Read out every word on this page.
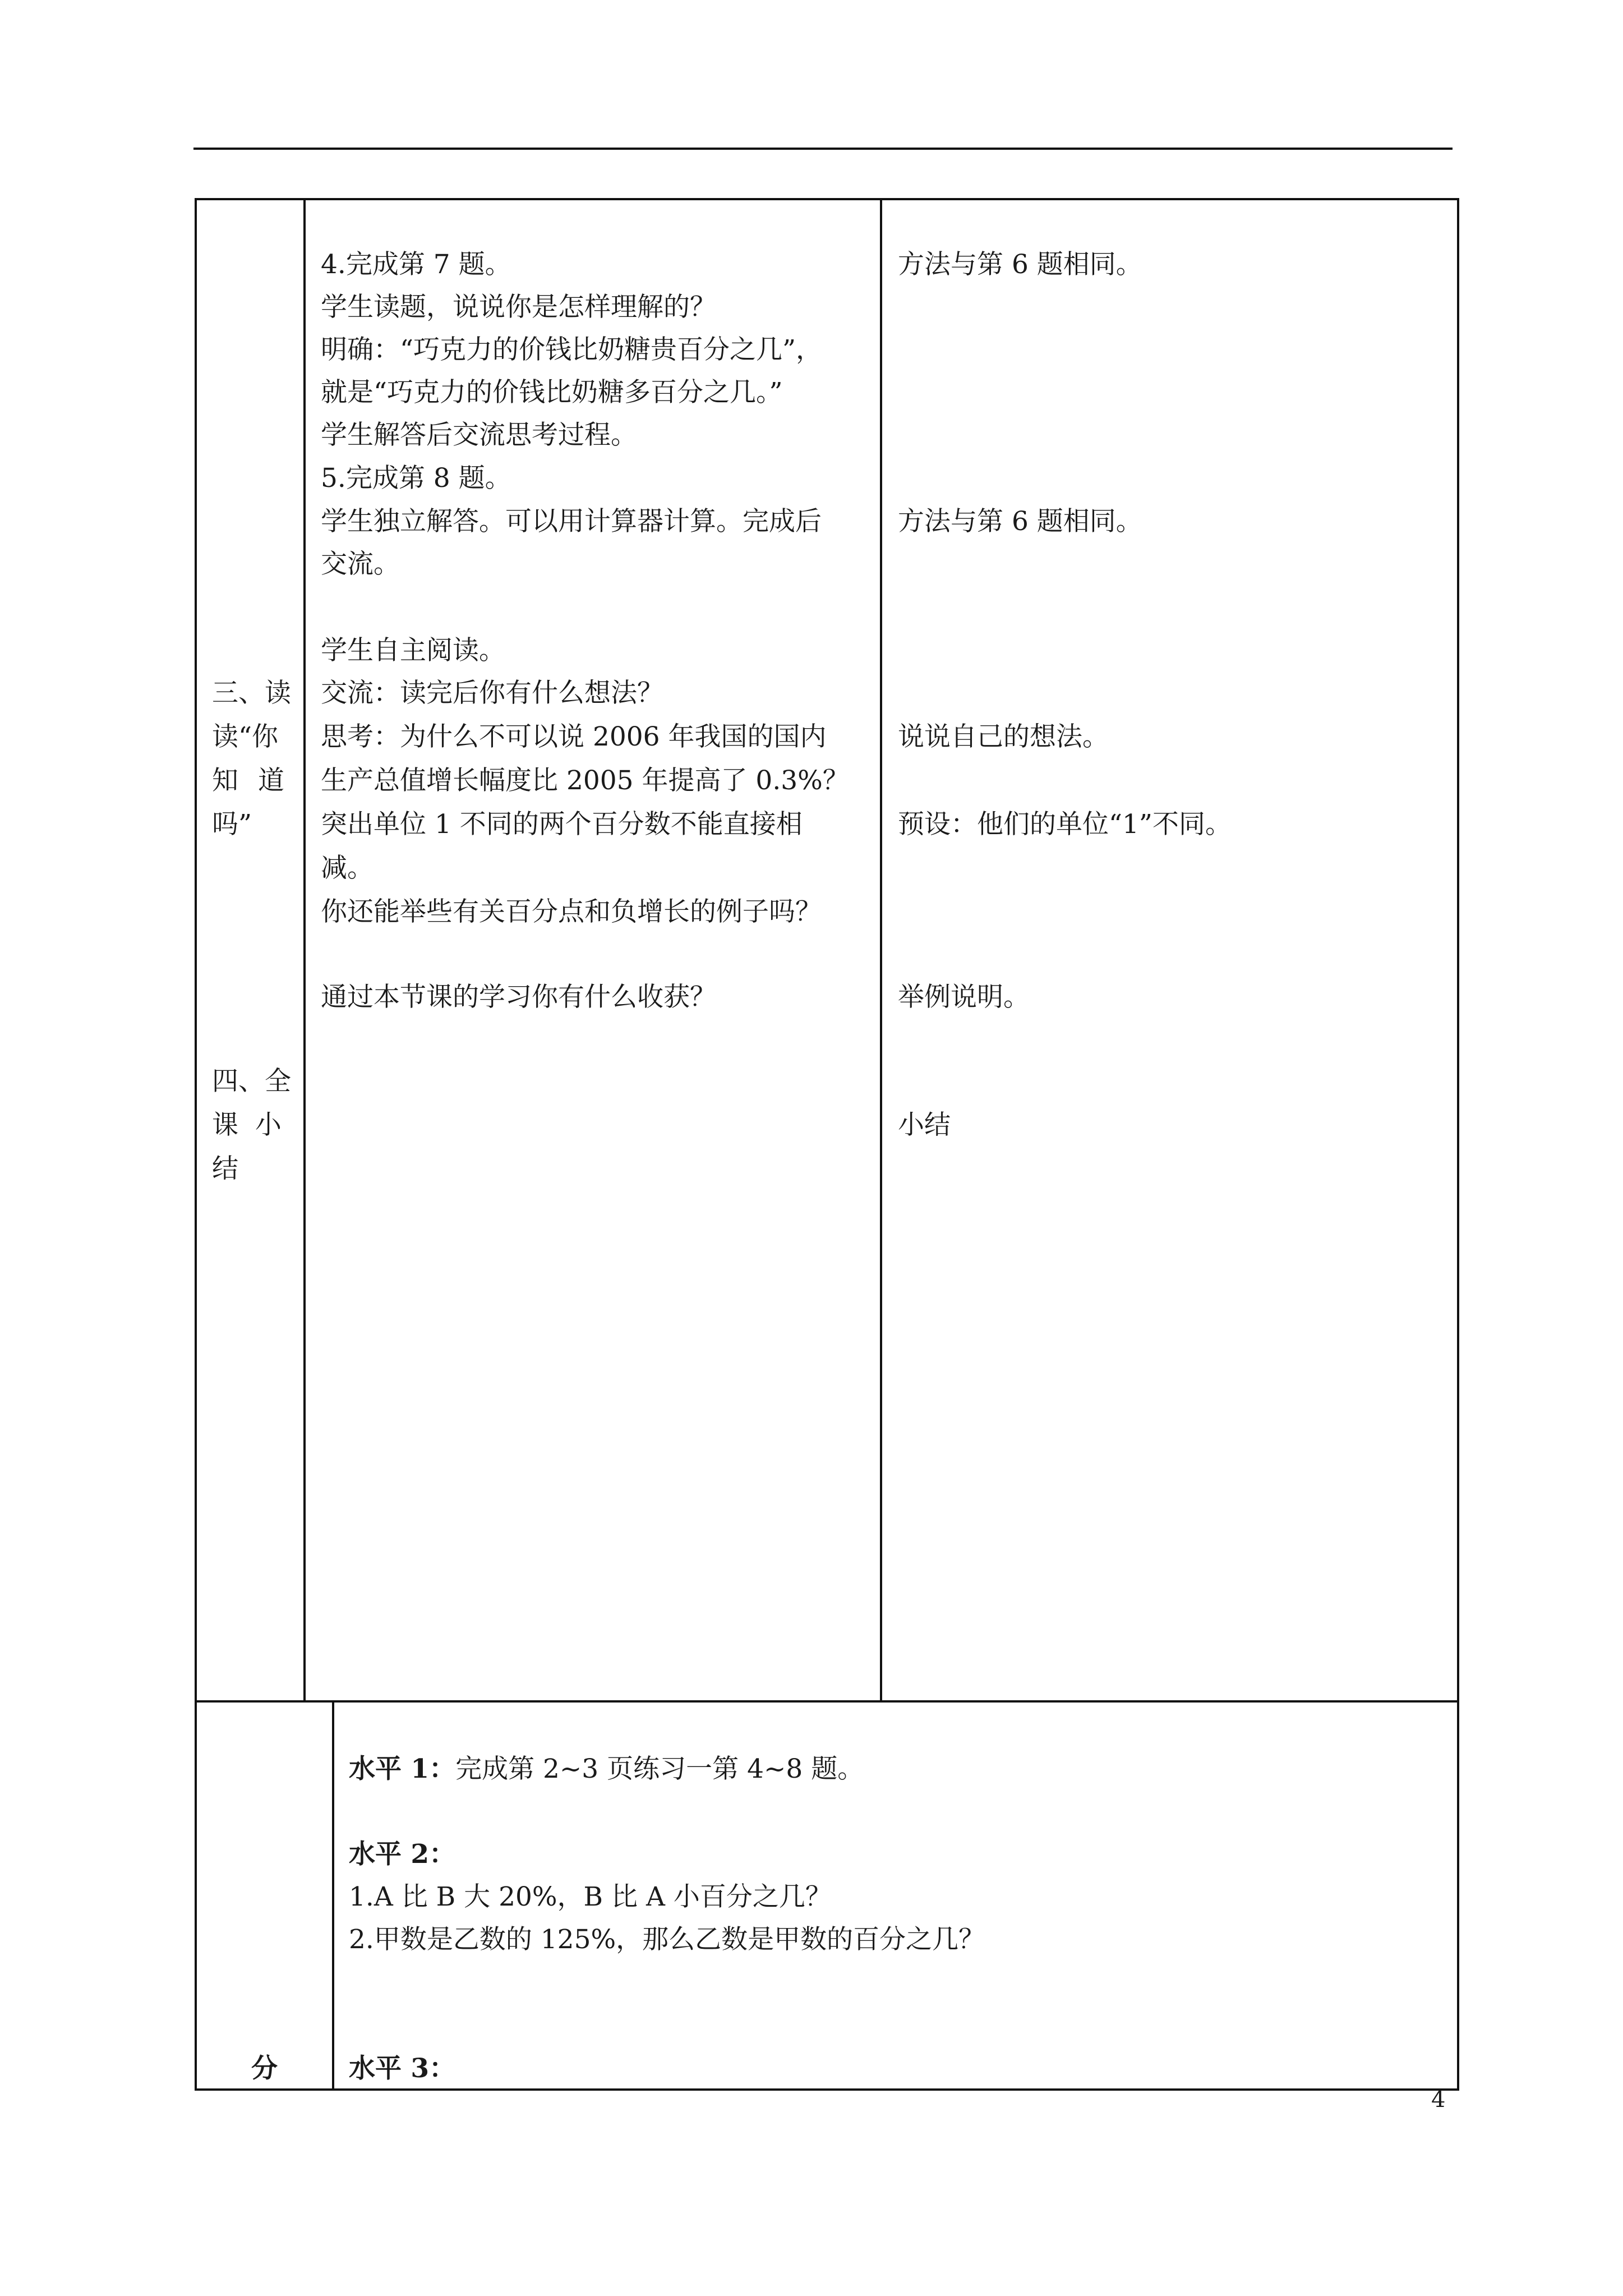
三、读
读“你
知 道
吗”
四、全
课  小
结
4.完成第 7 题。
学生读题，说说你是怎样理解的？
明确：“巧克力的价钱比奶糖贵百分之几”，
就是“巧克力的价钱比奶糖多百分之几。”
学生解答后交流思考过程。
5.完成第 8 题。
学生独立解答。可以用计算器计算。完成后
交流。
学生自主阅读。
交流：读完后你有什么想法？
思考：为什么不可以说 2006 年我国的国内
生产总值增长幅度比 2005 年提高了 0.3%？
突出单位 1 不同的两个百分数不能直接相
减。
你还能举些有关百分点和负增长的例子吗？
通过本节课的学习你有什么收获？
方法与第 6 题相同。
方法与第 6 题相同。
说说自己的想法。
预设：他们的单位“1”不同。
举例说明。
小结
分
水平 1：完成第 2~3 页练习一第 4~8 题。
水平 2：
1.A 比 B 大 20%，B 比 A 小百分之几？
2.甲数是乙数的 125%，那么乙数是甲数的百分之几？
水平 3：
4
